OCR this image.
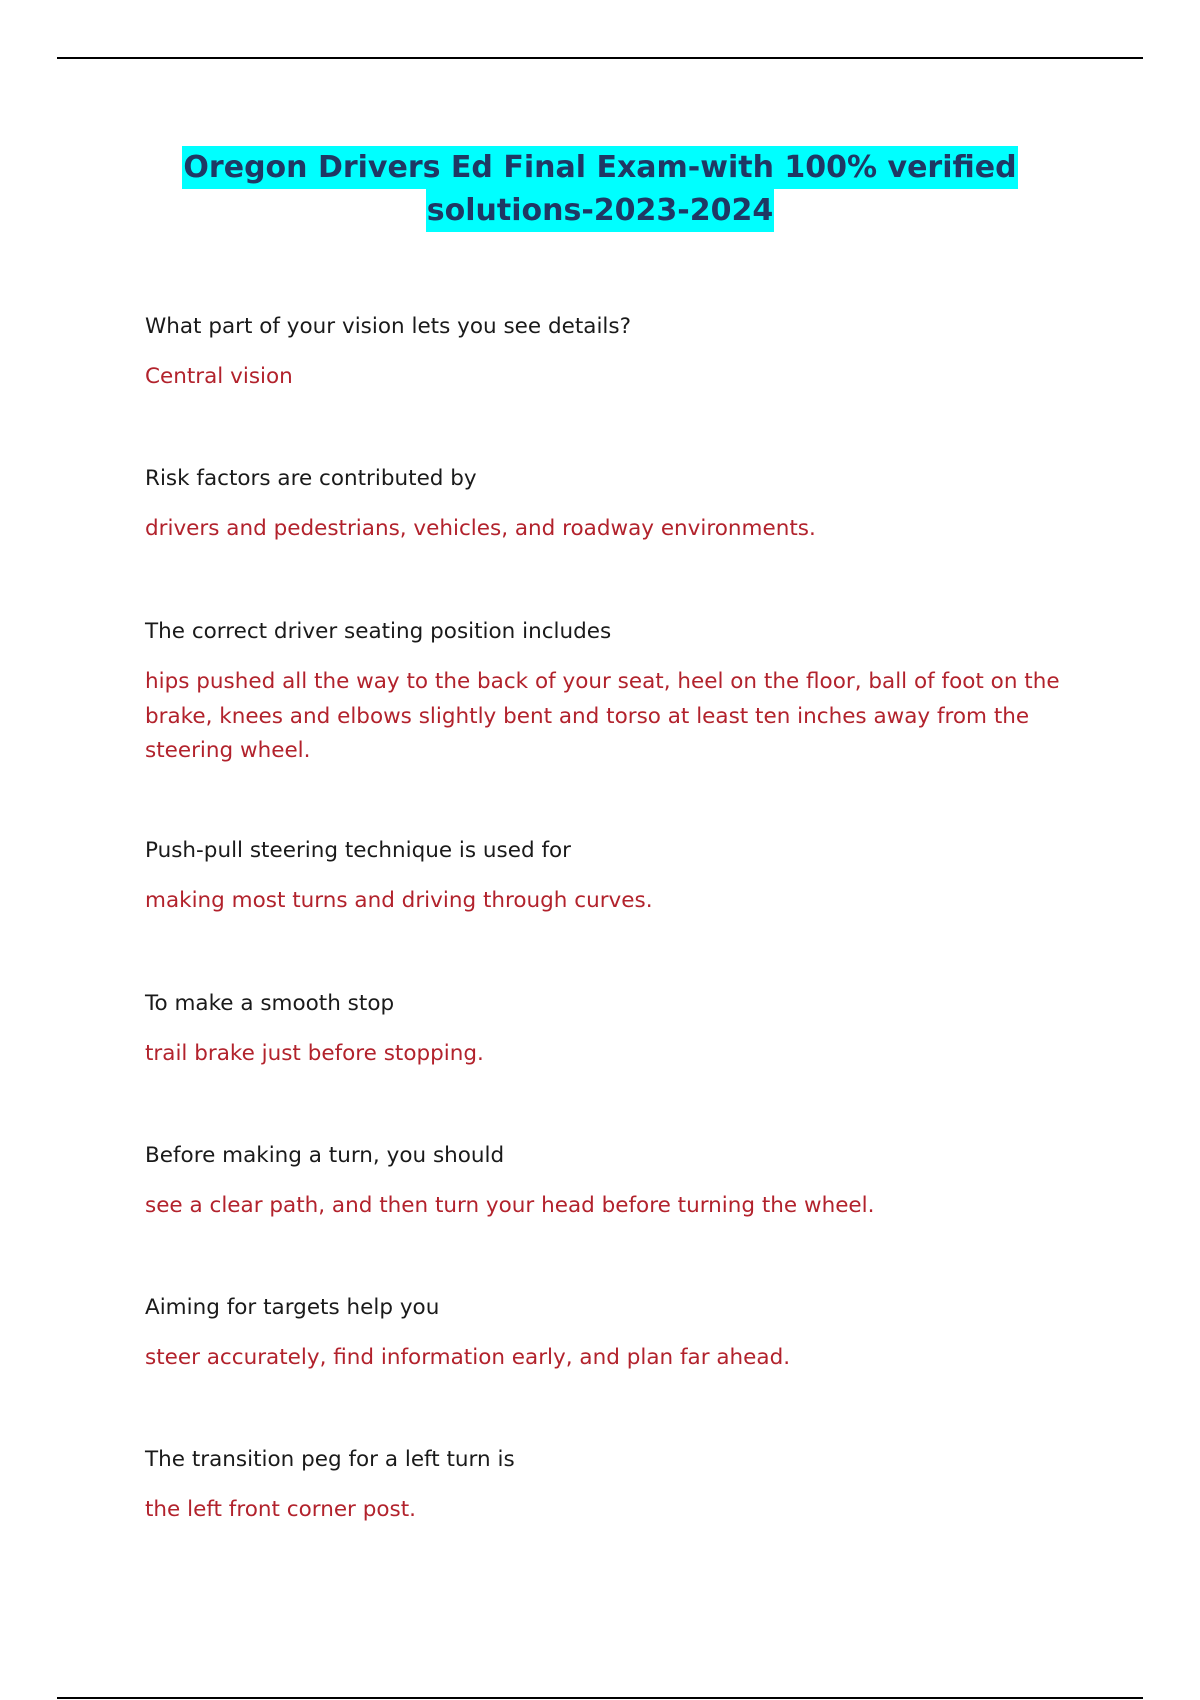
Oregon Drivers Ed Final Exam-with 100% verified
solutions-2023-2024

What part of your vision lets you see details?

Central vision

Risk factors are contributed by

drivers and pedestrians, vehicles, and roadway environments.

The correct driver seating position includes

hips pushed all the way to the back of your seat, heel on the floor, ball of foot on the
brake, knees and elbows slightly bent and torso at least ten inches away from the
steering wheel.

Push-pull steering technique is used for

making most turns and driving through curves.

To make a smooth stop

trail brake just before stopping.

Before making a turn, you should

see a clear path, and then turn your head before turning the wheel.

Aiming for targets help you

steer accurately, find information early, and plan far ahead.

The transition peg for a left turn is

the left front corner post.
